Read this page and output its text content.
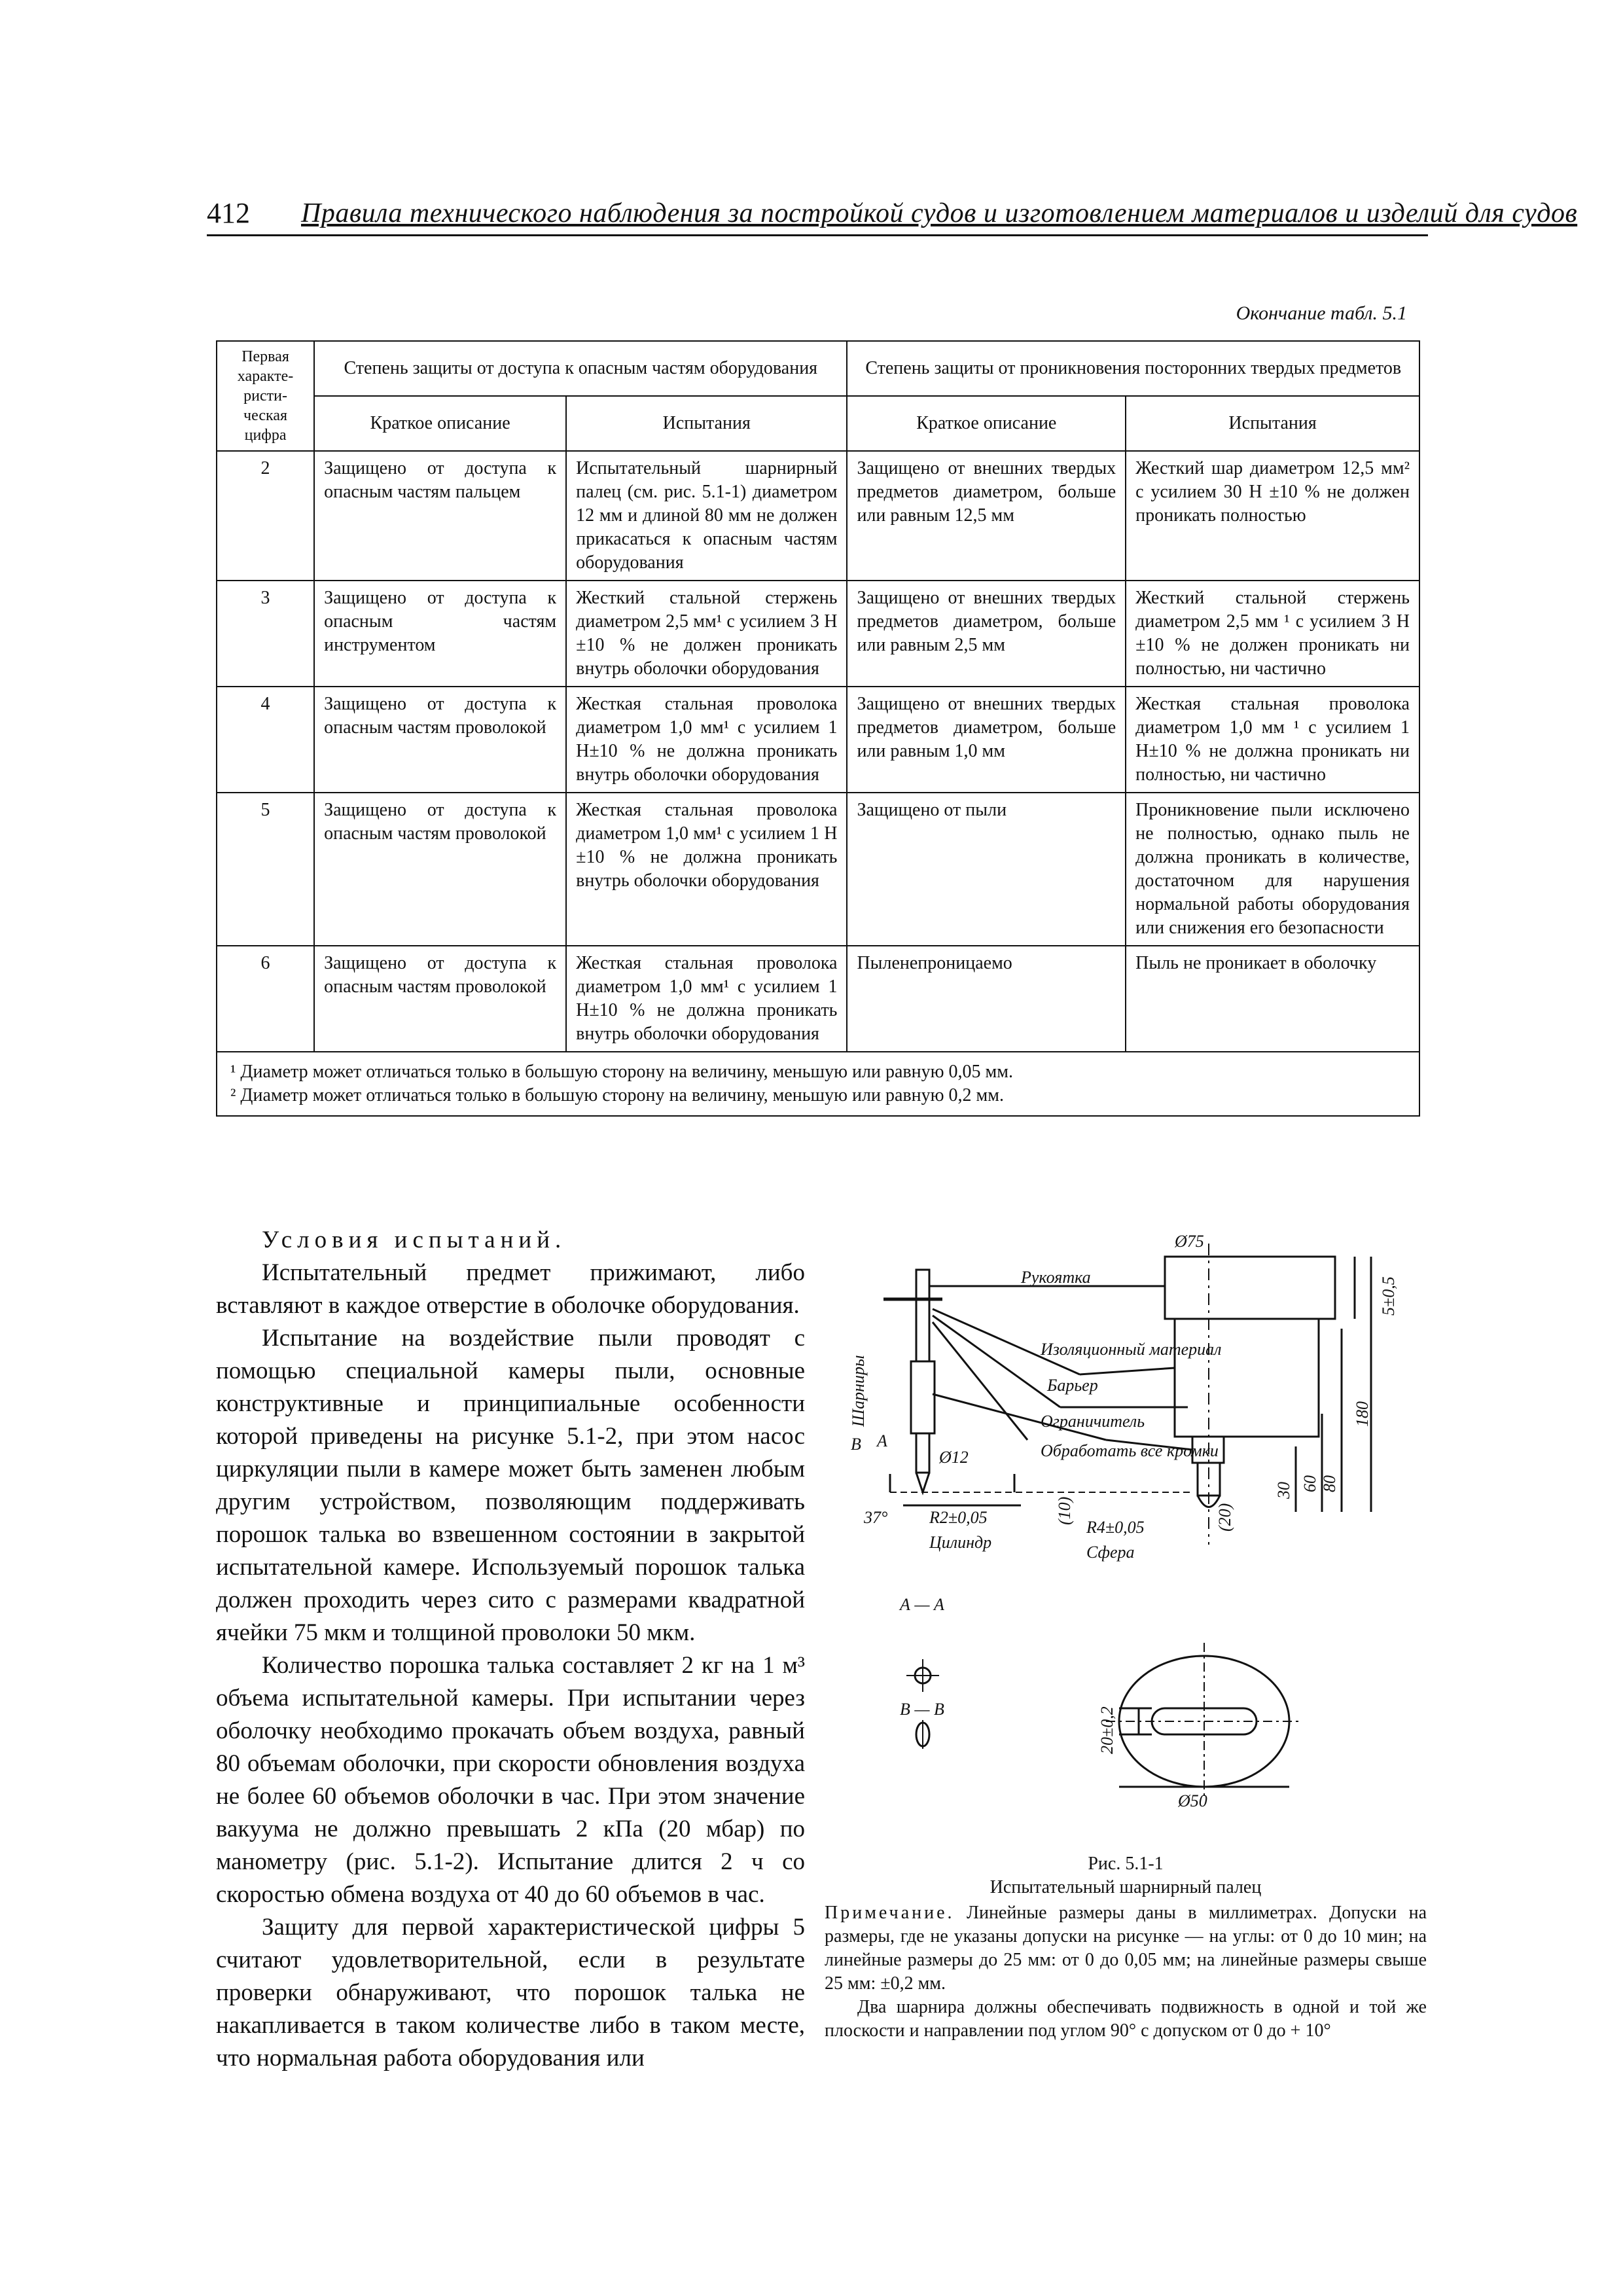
412 Правила технического наблюдения за постройкой судов и изготовлением материалов и изделий для судов
Окончание табл. 5.1
Первая характе-ристи-ческая цифра	Степень защиты от доступа к опасным частям оборудования		Степень защиты от проникновения посторонних твердых предметов	
	Краткое описание	Испытания	Краткое описание	Испытания
2	Защищено от доступа к опасным частям пальцем	Испытательный шарнирный палец (см. рис. 5.1-1) диаметром 12 мм и длиной 80 мм не должен прикасаться к опасным частям оборудования	Защищено от внешних твердых предметов диаметром, больше или равным 12,5 мм	Жесткий шар диаметром 12,5 мм² с усилием 30 Н ±10 % не должен проникать полностью
3	Защищено от доступа к опасным частям инструментом	Жесткий стальной стержень диаметром 2,5 мм¹ с усилием 3 Н ±10 % не должен проникать внутрь оболочки оборудования	Защищено от внешних твердых предметов диаметром, больше или равным 2,5 мм	Жесткий стальной стержень диаметром 2,5 мм ¹ с усилием 3 Н ±10 % не должен проникать ни полностью, ни частично
4	Защищено от доступа к опасным частям проволокой	Жесткая стальная проволока диаметром 1,0 мм¹ с усилием 1 Н±10 % не должна проникать внутрь оболочки оборудования	Защищено от внешних твердых предметов диаметром, больше или равным 1,0 мм	Жесткая стальная проволока диаметром 1,0 мм ¹ с усилием 1 Н±10 % не должна проникать ни полностью, ни частично
5	Защищено от доступа к опасным частям проволокой	Жесткая стальная проволока диаметром 1,0 мм¹ с усилием 1 Н ±10 % не должна проникать внутрь оболочки оборудования	Защищено от пыли	Проникновение пыли исключено не полностью, однако пыль не должна проникать в количестве, достаточном для нарушения нормальной работы оборудования или снижения его безопасности
6	Защищено от доступа к опасным частям проволокой	Жесткая стальная проволока диаметром 1,0 мм¹ с усилием 1 Н±10 % не должна проникать внутрь оболочки оборудования	Пыленепроницаемо	Пыль не проникает в оболочку

¹ Диаметр может отличаться только в большую сторону на величину, меньшую или равную 0,05 мм.
² Диаметр может отличаться только в большую сторону на величину, меньшую или равную 0,2 мм.				
Условия испытаний.

Испытательный предмет прижимают, либо вставляют в каждое отверстие в оболочке оборудования.

Испытание на воздействие пыли проводят с помощью специальной камеры пыли, основные конструктивные и принципиальные особенности которой приведены на рисунке 5.1-2, при этом насос циркуляции пыли в камере может быть заменен любым другим устройством, позволяющим поддерживать порошок талька во взвешенном состоянии в закрытой испытательной камере. Используемый порошок талька должен проходить через сито с размерами квадратной ячейки 75 мкм и толщиной проволоки 50 мкм.

Количество порошка талька составляет 2 кг на 1 м³ объема испытательной камеры. При испытании через оболочку необходимо прокачать объем воздуха, равный 80 объемам оболочки, при скорости обновления воздуха не более 60 объемов оболочки в час. При этом значение вакуума не должно превышать 2 кПа (20 мбар) по манометру (рис. 5.1-2). Испытание длится 2 ч со скоростью обмена воздуха от 40 до 60 объемов в час.

Защиту для первой характеристической цифры 5 считают удовлетворительной, если в результате проверки обнаруживают, что порошок талька не накапливается в таком количестве либо в таком месте, что нормальная работа оборудования или

Рукоятка
Ø75
Изоляционный материал
Барьер
Ограничитель
Обработать все кромки
Ø12
37° R2±0,05
Цилиндр
R4±0,05
Сфера
В А
А — А
В — В
Ø50
Шарниры
5±0,5
180
80
60
30
(10)	(20)
20±0,2
Рис. 5.1-1
Испытательный шарнирный палец

Примечание. Линейные размеры даны в миллиметрах. Допуски на размеры, где не указаны допуски на рисунке — на углы: от 0 до 10 мин; на линейные размеры до 25 мм: от 0 до 0,05 мм; на линейные размеры свыше 25 мм: ±0,2 мм.

Два шарнира должны обеспечивать подвижность в одной и той же плоскости и направлении под углом 90° с допуском от 0 до + 10°
